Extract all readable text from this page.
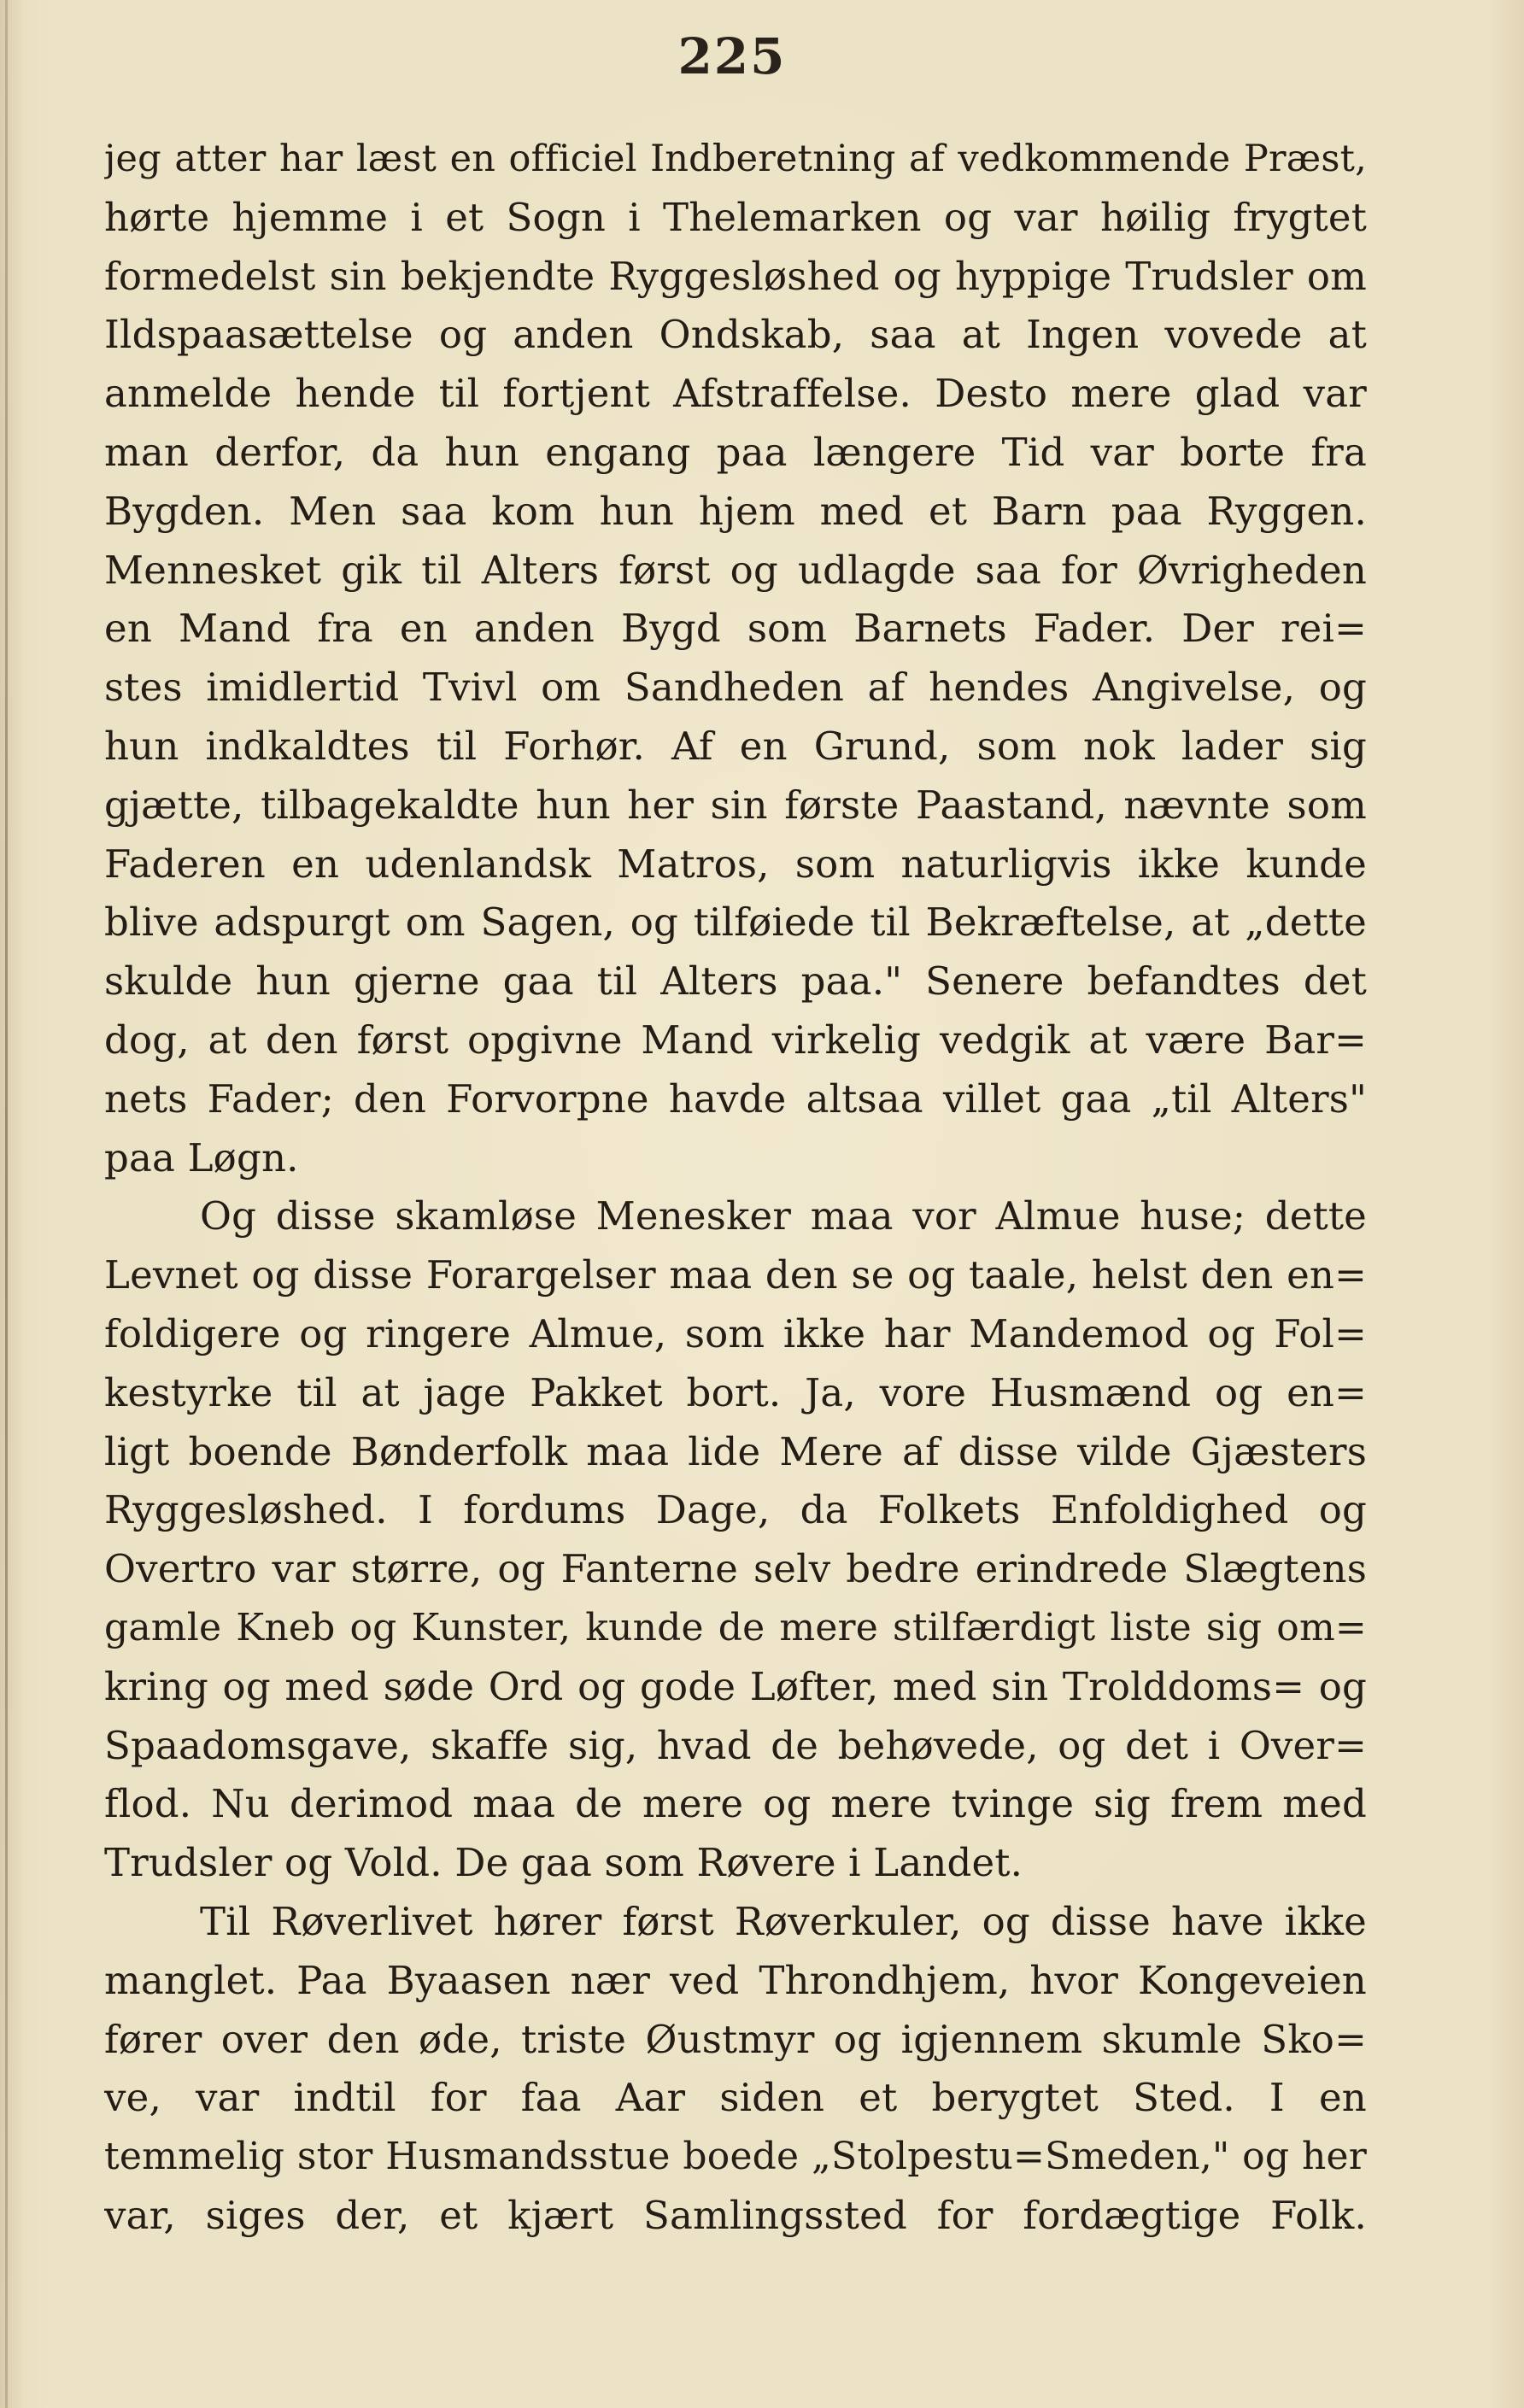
225
jeg atter har læst en officiel Indberetning af vedkommende Præst,
hørte hjemme i et Sogn i Thelemarken og var høilig frygtet
formedelst sin bekjendte Ryggesløshed og hyppige Trudsler om
Ildspaasættelse og anden Ondskab, saa at Ingen vovede at
anmelde hende til fortjent Afstraffelse. Desto mere glad var
man derfor, da hun engang paa længere Tid var borte fra
Bygden. Men saa kom hun hjem med et Barn paa Ryggen.
Mennesket gik til Alters først og udlagde saa for Øvrigheden
en Mand fra en anden Bygd som Barnets Fader. Der rei=
stes imidlertid Tvivl om Sandheden af hendes Angivelse, og
hun indkaldtes til Forhør. Af en Grund, som nok lader sig
gjætte, tilbagekaldte hun her sin første Paastand, nævnte som
Faderen en udenlandsk Matros, som naturligvis ikke kunde
blive adspurgt om Sagen, og tilføiede til Bekræftelse, at „dette
skulde hun gjerne gaa til Alters paa." Senere befandtes det
dog, at den først opgivne Mand virkelig vedgik at være Bar=
nets Fader; den Forvorpne havde altsaa villet gaa „til Alters"
paa Løgn.
Og disse skamløse Menesker maa vor Almue huse; dette
Levnet og disse Forargelser maa den se og taale, helst den en=
foldigere og ringere Almue, som ikke har Mandemod og Fol=
kestyrke til at jage Pakket bort. Ja, vore Husmænd og en=
ligt boende Bønderfolk maa lide Mere af disse vilde Gjæsters
Ryggesløshed. I fordums Dage, da Folkets Enfoldighed og
Overtro var større, og Fanterne selv bedre erindrede Slægtens
gamle Kneb og Kunster, kunde de mere stilfærdigt liste sig om=
kring og med søde Ord og gode Løfter, med sin Trolddoms= og
Spaadomsgave, skaffe sig, hvad de behøvede, og det i Over=
flod. Nu derimod maa de mere og mere tvinge sig frem med
Trudsler og Vold. De gaa som Røvere i Landet.
Til Røverlivet hører først Røverkuler, og disse have ikke
manglet. Paa Byaasen nær ved Throndhjem, hvor Kongeveien
fører over den øde, triste Øustmyr og igjennem skumle Sko=
ve, var indtil for faa Aar siden et berygtet Sted. I en
temmelig stor Husmandsstue boede „Stolpestu=Smeden," og her
var, siges der, et kjært Samlingssted for fordægtige Folk.
